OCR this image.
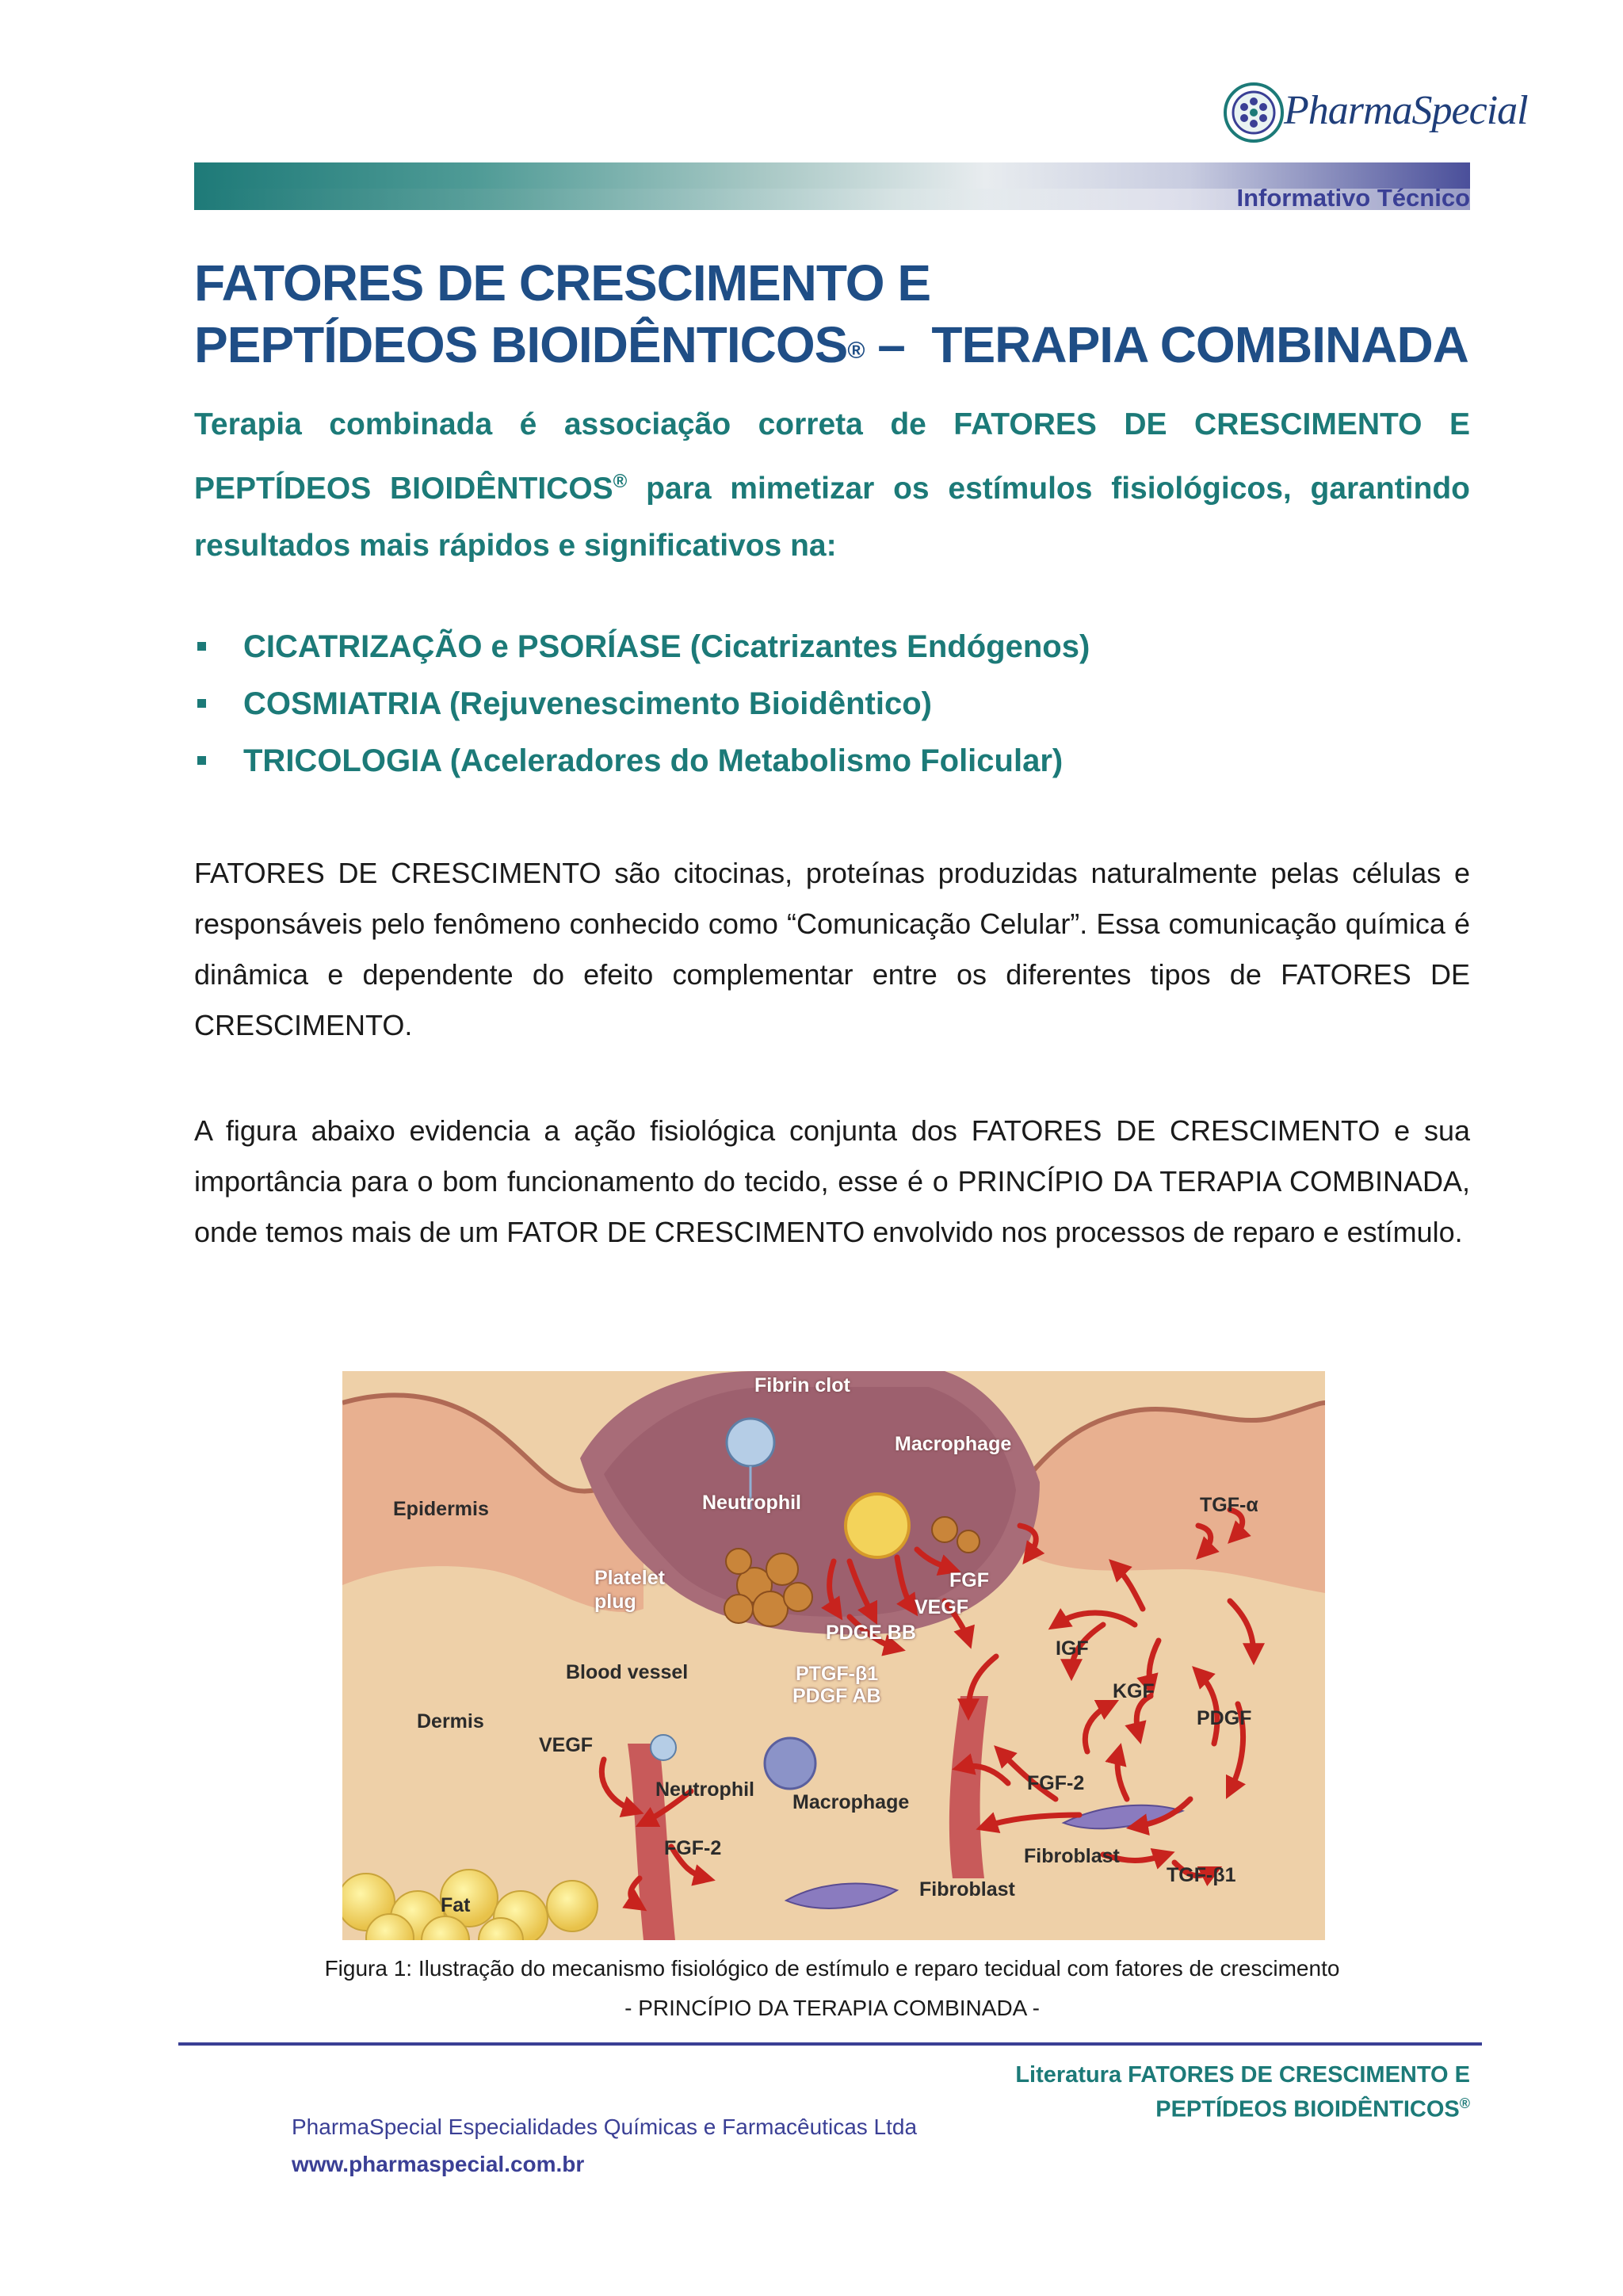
PharmaSpecial
Informativo Técnico
FATORES DE CRESCIMENTO E
PEPTÍDEOS BIOIDÊNTICOS® –  TERAPIA COMBINADA
Terapia combinada é associação correta de FATORES DE CRESCIMENTO E PEPTÍDEOS BIOIDÊNTICOS® para mimetizar os estímulos fisiológicos, garantindo resultados mais rápidos e significativos na:
CICATRIZAÇÃO e PSORÍASE (Cicatrizantes Endógenos)
COSMIATRIA (Rejuvenescimento Bioidêntico)
TRICOLOGIA (Aceleradores do Metabolismo Folicular)
FATORES DE CRESCIMENTO são citocinas, proteínas produzidas naturalmente pelas células e responsáveis pelo fenômeno conhecido como “Comunicação Celular”. Essa comunicação química é dinâmica e dependente do efeito complementar entre os diferentes tipos de FATORES DE CRESCIMENTO.
A figura abaixo evidencia a ação fisiológica conjunta dos FATORES DE CRESCIMENTO e sua importância para o bom funcionamento do tecido, esse é o PRINCÍPIO DA TERAPIA COMBINADA, onde temos mais de um FATOR DE CRESCIMENTO envolvido nos processos de reparo e estímulo.
Fibrin clot
Macrophage
Epidermis	Neutrophil	TGF-α
Platelet plug
FGF
VEGF
PDGE BB
IGF
Blood vessel	PTGF-β1
PDGF AB	KGF
Dermis	PDGF
VEGF
Neutrophil
Macrophage
FGF-2
FGF-2	Fibroblast
TGF-β1
Fibroblast
Fat
Figura 1: Ilustração do mecanismo fisiológico de estímulo e reparo tecidual com fatores de crescimento
- PRINCÍPIO DA TERAPIA COMBINADA -
Literatura FATORES DE CRESCIMENTO E
PEPTÍDEOS BIOIDÊNTICOS®
PharmaSpecial Especialidades Químicas e Farmacêuticas Ltda
www.pharmaspecial.com.br
